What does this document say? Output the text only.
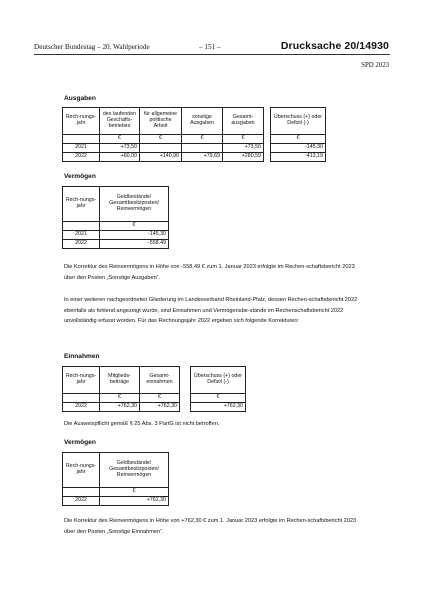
Deutscher Bundestag – 20. Wahlperiode	– 151 –	Drucksache 20/14930
SPD 2023
Ausgaben
Rech-nungs-jahr	des laufenden Geschäfts-betriebes	für allgemeine politische Arbeit	sonstige Ausgaben	Gesamt-ausgaben
	€	€	€	€
2021	+73,50			+73,50
2022	+60,00	+140,90	+79,69	+280,59
Überschuss (+) oder Defizit (-)
€
-145,30
-413,19
Vermögen
Rech-nungs-jahr	Geldbestände/ Gesamtbesitzposten/ Reinvermögen
	€
2021	-145,30
2022	-558,49

Die Korrektur des Reinvermögens in Höhe von -558,49 € zum 1. Januar 2023 erfolgte im Rechen-schaftsbericht 2023 über den Posten „Sonstige Ausgaben“.

In einer weiteren nachgeordneten Gliederung im Landesverband Rheinland-Pfalz, dessen Rechen-schaftsbericht 2022 ebenfalls als fehlend angezeigt wurde, sind Einnahmen und Vermögensbe-stände im Rechenschaftsbericht 2022 unvollständig erfasst worden. Für das Rechnungsjahr 2022 ergeben sich folgende Korrekturen:

Einnahmen
Rech-nungs-jahr	Mitglieds-beiträge	Gesamt-einnahmen
	€	€
2022	+762,30	+762,30
Überschuss (+) oder Defizit (-)
€
+762,30
Die Ausweispflicht gemäß § 25 Abs. 3 PartG ist nicht betroffen.
Vermögen
Rech-nungs-jahr	Geldbestände/ Gesamtbesitzposten/ Reinvermögen
	€
2022	+762,30

Die Korrektur des Reinvermögens in Höhe von +762,30 € zum 1. Januar 2023 erfolgte im Rechen-schaftsbericht 2023 über den Posten „Sonstige Einnahmen“.
